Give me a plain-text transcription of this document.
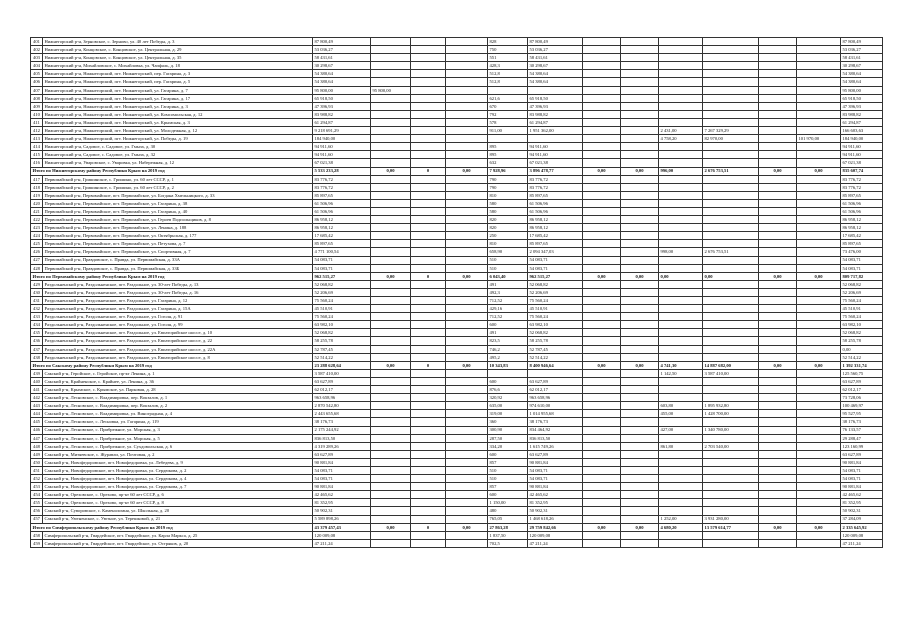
401	Нижнегорский р-н, Зерновское, с. Зерново, ул. 40 лет Победы, д. 3	87 800,49				828	87 800,49							87 800,49
402	Нижнегорский р-н, Концовское, с. Концовское, ул. Центральная, д. 29	53 036,27				750	53 036,27							53 036,27
403	Нижнегорский р-н, Концовское, с. Концовское, ул. Центральная, д. 35	58 431,61				551	58 431,61							58 431,61
404	Нижнегорский р-н, Михайловское, с. Михайловка, ул. Чапфаль, д. 18	30 298,67				428,3	30 298,67							30 298,67
405	Нижнегорский р-н, Нижнегорский, пгт. Нижнегорский, пер. Гагарина, д. 3	54 380,64				512,8	54 380,64							54 380,64
406	Нижнегорский р-н, Нижнегорский, пгт. Нижнегорский, пер. Гагарина, д. 5	54 380,64				512,8	54 380,64							54 380,64
407	Нижнегорский р-н, Нижнегорский, пгт. Нижнегорский, ул. Гагарина, д. 7	95 800,00	95 800,00											95 800,00
408	Нижнегорский р-н, Нижнегорский, пгт. Нижнегорский, ул. Гагарина, д. 17	65 918,50				621,6	65 918,50							65 918,50
409	Нижнегорский р-н, Нижнегорский, пгт. Нижнегорский, ул. Гагарина, д. 3	47 396,93				670	47 396,93							47 396,93
410	Нижнегорский р-н, Нижнегорский, пгт. Нижнегорский, ул. Комсомольская, д. 12	83 988,82				792	83 988,82							83 988,82
411	Нижнегорский р-н, Нижнегорский, пгт. Нижнегорский, ул. Крымская, д. 3	61 294,87				578	61 294,87							61 294,87
412	Нижнегорский р-н, Нижнегорский, пгт. Нижнегорский, ул. Молодежная, д. 12	9 218 691,29				911,00	1 951 362,00			2 431,00	7 267 329,29			166 603,63
413	Нижнегорский р-н, Нижнегорский, пгт. Нижнегорский, ул. Победы, д. 19	184 940,00								4 758,20	82 970,00		101 970,00	184 940,00
414	Нижнегорский р-н, Садовое, с. Садовое, ул. Гмыза, д. 30	94 911,60				895	94 911,60							94 911,60
415	Нижнегорский р-н, Садовое, с. Садовое, ул. Гмыза, д. 32	94 911,60				895	94 911,60							94 911,60
416	Нижнегорский р-н, Уваровское, с. Уваровка, ул. Набережная, д. 12	67 021,38				632	67 021,38							67 021,38
Итого по Нижнегорскому району Республики Крым на 2019 год		5 533 233,28	0,00	0	0,00	7 928,96	3 896 478,77	0,00	0,00	996,00	2 676 753,51	0,00	0,00	835 607,74
417	Первомайский р-н, Гришинское, с. Гришино, ул. 60 лет СССР, д. 1	83 776,72				790	83 776,72							83 776,72
418	Первомайский р-н, Гришинское, с. Гришино, ул. 60 лет СССР, д. 2	83 776,72				790	83 776,72							83 776,72
419	Первомайский р-н, Первомайское, пгт. Первомайское, ул. Богдана Хмельницкого, д. 33	85 897,65				810	85 897,65							85 897,65
420	Первомайский р-н, Первомайское, пгт. Первомайское, ул. Гагарина, д. 38	61 506,96				580	61 506,96							61 506,96
421	Первомайский р-н, Первомайское, пгт. Первомайское, ул. Гагарина, д. 40	61 506,96				580	61 506,96							61 506,96
422	Первомайский р-н, Первомайское, пгт. Первомайское, ул. Героев Подпольщиков, д. 8	86 958,12				820	86 958,12							86 958,12
423	Первомайский р-н, Первомайское, пгт. Первомайское, ул. Ленина, д. 188	86 958,12				820	86 958,12							86 958,12
424	Первомайский р-н, Первомайское, пгт. Первомайское, ул. Октябрьская, д. 177	17 685,42				250	17 685,42							17 685,42
425	Первомайский р-н, Первомайское, пгт. Первомайское, ул. Петухова, д. 7	85 897,65				810	85 897,65							85 897,65
426	Первомайский р-н, Первомайское, пгт. Первомайское, ул. Спортивная, д. 7	4 771 100,54				658,90	2 094 347,03			998,00	2 676 753,51			73 476,00
427	Первомайский р-н, Правдовское, с. Правда, ул. Первомайская, д. 33А	54 083,71				510	54 083,71							54 083,71
428	Первомайский р-н, Правдовское, с. Правда, ул. Первомайская, д. 33Б	54 083,71				510	54 083,71							54 083,71
Итого по Первомайскому району Республики Крым на 2019 год		962 515,27	0,00	0	0,00	6 043,40	962 515,27	0,00	0,00	0,00	0,00	0,00	0,00	809 717,82
429	Раздольненский р-н, Раздольненское, пгт. Раздольное, ул. 30-лет Победы, д. 13	52 068,82				491	52 068,82							52 068,82
430	Раздольненский р-н, Раздольненское, пгт. Раздольное, ул. 30-лет Победы, д. 16	52 206,69				492,3	52 206,69							52 206,69
431	Раздольненский р-н, Раздольненское, пгт. Раздольное, ул. Гагарина, д. 12	75 560,24				712,52	75 560,24							75 560,24
432	Раздольненский р-н, Раздольненское, пгт. Раздольное, ул. Гагарина, д. 15А	45 510,91				429,16	45 510,91							45 510,91
433	Раздольненский р-н, Раздольненское, пгт. Раздольное, ул. Гоголя, д. 91	75 560,24				712,52	75 560,24							75 560,24
434	Раздольненский р-н, Раздольненское, пгт. Раздольное, ул. Гоголя, д. 99	63 982,10				600	63 982,10							63 982,10
435	Раздольненский р-н, Раздольненское, пгт. Раздольное, ул. Евпаторийское шоссе, д. 10	52 068,82				491	52 068,82							52 068,82
436	Раздольненский р-н, Раздольненское, пгт. Раздольное, ул. Евпаторийское шоссе, д. 22	58 255,78				823,5	58 255,78							58 255,78
437	Раздольненский р-н, Раздольненское, пгт. Раздольное, ул. Евпаторийское шоссе, д. 22А	52 787,45				746,2	52 787,45							0,00
438	Раздольненский р-н, Раздольненское, пгт. Раздольное, ул. Евпаторийское шоссе, д. 8	52 514,22				495,2	52 514,22							52 514,22
Итого по Сакскому району Республики Крым на 2019 год		23 288 628,64	0,00	0	0,00	10 343,83	8 400 946,64	0,00	0,00	4 741,30	14 887 682,00	0,00	0,00	1 392 331,74
439	Сакский р-н, Геройское, с. Геройское, пр-кт Ленина, д. 1	3 587 410,00								1 142,50	3 587 410,00			125 560,75
440	Сакский р-н, Крайненское, с. Крайнее, ул. Ленина, д. 36	63 627,89				600	63 627,89							63 627,89
441	Сакский р-н, Крымское, с. Крымское, ул. Парковая, д. 28	62 012,17				876,6	62 012,17							62 012,17
442	Сакский р-н, Лесновское, с. Владимировка, пер. Вокзалов, д. 1	963 658,96				320,92	963 658,96							73 728,06
443	Сакский р-н, Лесновское, с. Владимировка, пер. Вокзалов, д. 2	2 870 542,80				635,00	974 610,00			603,80	1 895 932,80			100 469,97
444	Сакский р-н, Лесновское, с. Владимировка, ул. Виноградная, д. 4	2 443 655,68				319,00	1 014 955,68			455,00	1 428 700,00			95 527,95
445	Сакский р-н, Лесновское, с. Лесновка, ул. Гагарина, д. 119	38 176,73				360	38 176,73							38 176,73
446	Сакский р-н, Лесновское, с. Прибрежное, ул. Морская, д. 3	2 175 244,92				300,90	834 464,92			427,00	1 340 780,00			76 133,57
447	Сакский р-н, Лесновское, с. Прибрежное, ул. Морская, д. 5	836 813,50				287,50	836 813,50							29 288,47
448	Сакский р-н, Лесновское, с. Прибрежное, ул. Сухдовольская, д. 6	4 319 289,26				334,20	1 615 749,26			861,80	2 703 540,00			123 160,99
449	Сакский р-н, Митяевское, с. Журавли, ул. Почтовая, д. 2	63 627,89				600	63 627,89							63 627,89
450	Сакский р-н, Новофедоровское, пгт. Новофедоровка, ул. Лебедева, д. 9	90 881,84				857	90 881,84							90 881,84
451	Сакский р-н, Новофедоровское, пгт. Новофедоровка, ул. Сердюкова, д. 2	54 083,71				510	54 083,71							54 083,71
452	Сакский р-н, Новофедоровское, пгт. Новофедоровка, ул. Сердюкова, д. 4	54 083,71				510	54 083,71							54 083,71
453	Сакский р-н, Новофедоровское, пгт. Новофедоровка, ул. Сердюкова, д. 7	90 881,84				857	90 881,84							90 881,84
454	Сакский р-н, Ореховское, с. Орехово, пр-кт 60 лет СССР, д. 6	42 465,62				600	42 465,62							42 465,62
455	Сакский р-н, Ореховское, с. Орехово, пр-кт 60 лет СССР, д. 8	81 352,95				1 150,00	81 352,95							81 352,95
456	Сакский р-н, Суворовское, с. Каменоломня, ул. Школьная, д. 20	50 902,31				480	50 902,31							50 902,31
457	Сакский р-н, Уютненское, с. Уютное, ул. Терешковой, д. 21	5 589 898,26				765,05	1 468 618,26			1 252,00	3 931 280,00			37 284,09
Итого по Симферопольскому району Республики Крым на 2019 год		43 379 457,43	0,00	0	0,00	27 863,28	29 759 842,66	0,00	0,00	4 680,20	13 579 614,77	0,00	0,00	2 335 645,92
458	Симферопольский р-н, Гвардейское, пгт. Гвардейское, ул. Карла Маркса, д. 25	120 009,08				1 837,50	120 009,08							120 009,08
459	Симферопольский р-н, Гвардейское, пгт. Гвардейское, ул. Остряков, д. 20	47 211,24				702,5	47 211,24							47 211,24
